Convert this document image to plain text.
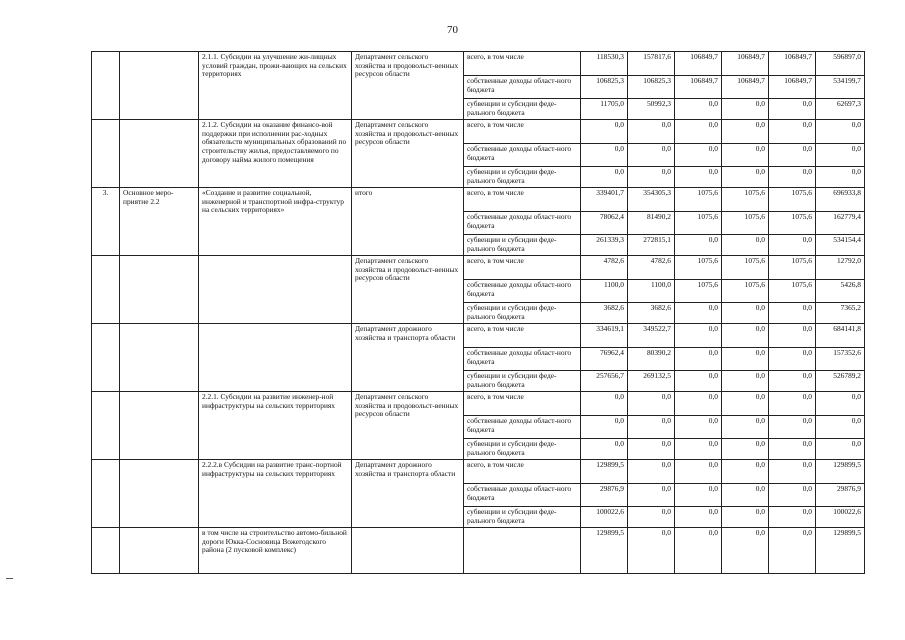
70
		2.1.1. Субсидии на улучшение жи-лищных условий граждан, прожи-вающих на сельских территориях	Департамент сельского хозяйства и продовольст-венных ресурсов области	всего, в том числе	118530,3	157817,6	106849,7	106849,7	106849,7	596897,0
				собственные доходы област-ного бюджета	106825,3	106825,3	106849,7	106849,7	106849,7	534199,7
				субвенции и субсидии феде-рального бюджета	11705,0	50992,3	0,0	0,0	0,0	62697,3
		2.1.2. Субсидии на оказание финансо-вой поддержки при исполнении рас-ходных обязательств муниципальных образований по строительству жилья, предоставляемого по договору найма жилого помещения	Департамент сельского хозяйства и продовольст-венных ресурсов области	всего, в том числе	0,0	0,0	0,0	0,0	0,0	0,0
				собственные доходы област-ного бюджета	0,0	0,0	0,0	0,0	0,0	0,0
				субвенции и субсидии феде-рального бюджета	0,0	0,0	0,0	0,0	0,0	0,0
3.	Основное меро-приятие 2.2	«Создание и развитие социальной, инженерной и транспортной инфра-структур на сельских территориях»	итого	всего, в том числе	339401,7	354305,3	1075,6	1075,6	1075,6	696933,8
				собственные доходы област-ного бюджета	78062,4	81490,2	1075,6	1075,6	1075,6	162779,4
				субвенции и субсидии феде-рального бюджета	261339,3	272815,1	0,0	0,0	0,0	534154,4
			Департамент сельского хозяйства и продовольст-венных ресурсов области	всего, в том числе	4782,6	4782,6	1075,6	1075,6	1075,6	12792,0
				собственные доходы област-ного бюджета	1100,0	1100,0	1075,6	1075,6	1075,6	5426,8
				субвенции и субсидии феде-рального бюджета	3682,6	3682,6	0,0	0,0	0,0	7365,2
			Департамент дорожного хозяйства и транспорта области	всего, в том числе	334619,1	349522,7	0,0	0,0	0,0	684141,8
				собственные доходы област-ного бюджета	76962,4	80390,2	0,0	0,0	0,0	157352,6
				субвенции и субсидии феде-рального бюджета	257656,7	269132,5	0,0	0,0	0,0	526789,2
		2.2.1. Субсидии на развитие инженер-ной инфраструктуры на сельских территориях	Департамент сельского хозяйства и продовольст-венных ресурсов области	всего, в том числе	0,0	0,0	0,0	0,0	0,0	0,0
				собственные доходы област-ного бюджета	0,0	0,0	0,0	0,0	0,0	0,0
				субвенции и субсидии феде-рального бюджета	0,0	0,0	0,0	0,0	0,0	0,0
		2.2.2.в Субсидии на развитие транс-портной инфраструктуры на сельских территориях	Департамент дорожного хозяйства и транспорта области	всего, в том числе	129899,5	0,0	0,0	0,0	0,0	129899,5
				собственные доходы област-ного бюджета	29876,9	0,0	0,0	0,0	0,0	29876,9
				субвенции и субсидии феде-рального бюджета	100022,6	0,0	0,0	0,0	0,0	100022,6
		в том числе на строительство автомо-бильной дороги Юкка-Сосновица Вожегодского района (2 пусковой комплекс)			129899,5	0,0	0,0	0,0	0,0	129899,5
